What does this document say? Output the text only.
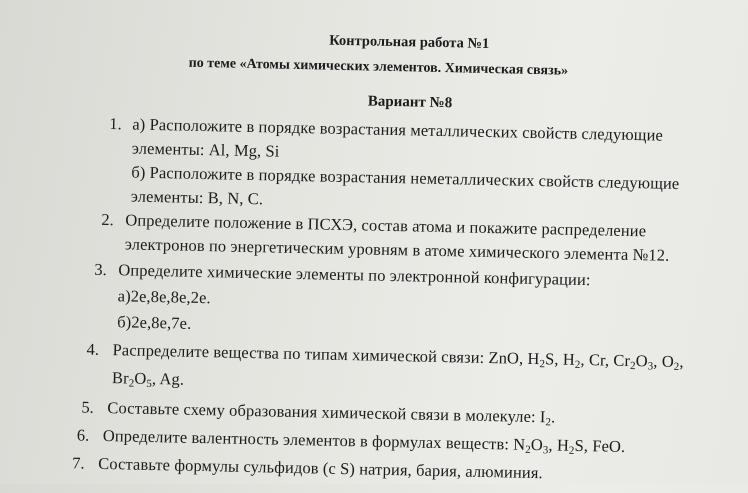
Контрольная работа №1
по теме «Атомы химических элементов. Химическая связь»
Вариант №8
1. а) Расположите в порядке возрастания металлических свойств следующие
элементы: Al, Mg, Si
б) Расположите в порядке возрастания неметаллических свойств следующие
элементы: B, N, C.
2. Определите положение в ПСХЭ, состав атома и покажите распределение
электронов по энергетическим уровням в атоме химического элемента №12.
3. Определите химические элементы по электронной конфигурации:
а)2e,8e,8e,2e.
б)2e,8e,7e.
4. Распределите вещества по типам химической связи: ZnO, $H_2S$, $H_2$, Cr, $Cr_2O_3$, $O_2$,
$Br_2O_5$, Ag.
5. Составьте схему образования химической связи в молекуле: $I_2$.
6. Определите валентность элементов в формулах веществ: $N_2O_3$, $H_2S$, FeO.
7. Составьте формулы сульфидов (с S) натрия, бария, алюминия.
